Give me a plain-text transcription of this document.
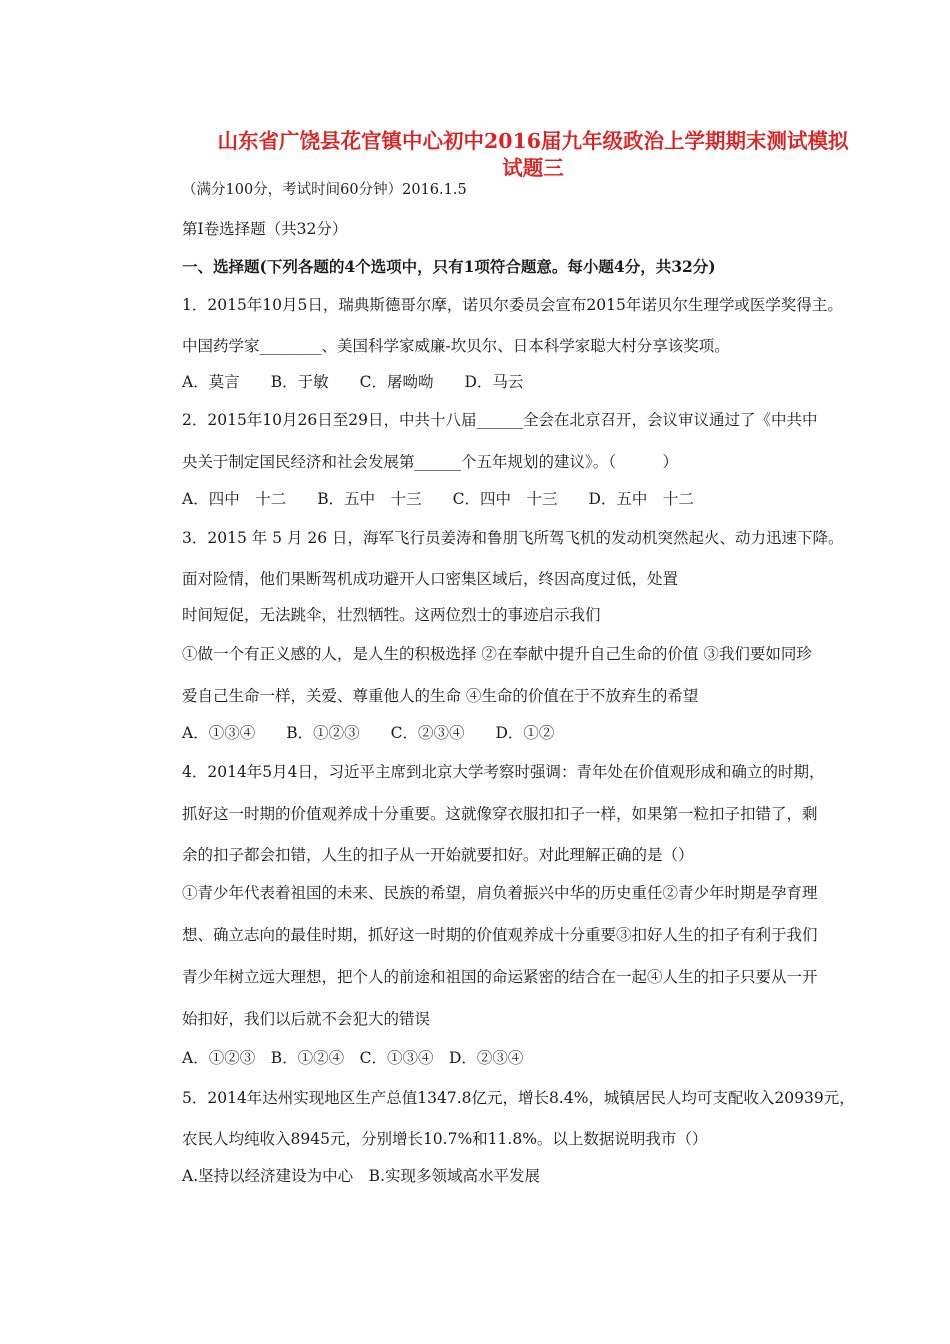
山东省广饶县花官镇中心初中2016届九年级政治上学期期末测试模拟
试题三
（满分100分，考试时间60分钟）2016.1.5
第Ⅰ卷选择题（共32分）
一、选择题(下列各题的4个选项中，只有1项符合题意。每小题4分，共32分)
1．2015年10月5日，瑞典斯德哥尔摩，诺贝尔委员会宣布2015年诺贝尔生理学或医学奖得主。
中国药学家________、美国科学家威廉-坎贝尔、日本科学家聪大村分享该奖项。
A．莫言　　B．于敏　　C．屠呦呦　　D．马云
2．2015年10月26日至29日，中共十八届______全会在北京召开，会议审议通过了《中共中
央关于制定国民经济和社会发展第______个五年规划的建议》。（　　　）
A．四中　十二　　B．五中　十三　　C．四中　十三　　D．五中　十二
3．2015 年 5 月 26 日，海军飞行员姜涛和鲁朋飞所驾飞机的发动机突然起火、动力迅速下降。
面对险情，他们果断驾机成功避开人口密集区域后，终因高度过低，处置
时间短促，无法跳伞，壮烈牺牲。这两位烈士的事迹启示我们
①做一个有正义感的人，是人生的积极选择 ②在奉献中提升自己生命的价值 ③我们要如同珍
爱自己生命一样，关爱、尊重他人的生命 ④生命的价值在于不放弃生的希望
A．①③④　　B．①②③　　C．②③④　　D．①②
4．2014年5月4日，习近平主席到北京大学考察时强调：青年处在价值观形成和确立的时期，
抓好这一时期的价值观养成十分重要。这就像穿衣服扣扣子一样，如果第一粒扣子扣错了，剩
余的扣子都会扣错，人生的扣子从一开始就要扣好。对此理解正确的是（）
①青少年代表着祖国的未来、民族的希望，肩负着振兴中华的历史重任②青少年时期是孕育理
想、确立志向的最佳时期，抓好这一时期的价值观养成十分重要③扣好人生的扣子有利于我们
青少年树立远大理想，把个人的前途和祖国的命运紧密的结合在一起④人生的扣子只要从一开
始扣好，我们以后就不会犯大的错误
A．①②③　B．①②④　C．①③④　D．②③④
5．2014年达州实现地区生产总值1347.8亿元，增长8.4%，城镇居民人均可支配收入20939元，
农民人均纯收入8945元，分别增长10.7%和11.8%。以上数据说明我市（）
A.坚持以经济建设为中心　B.实现多领域高水平发展
